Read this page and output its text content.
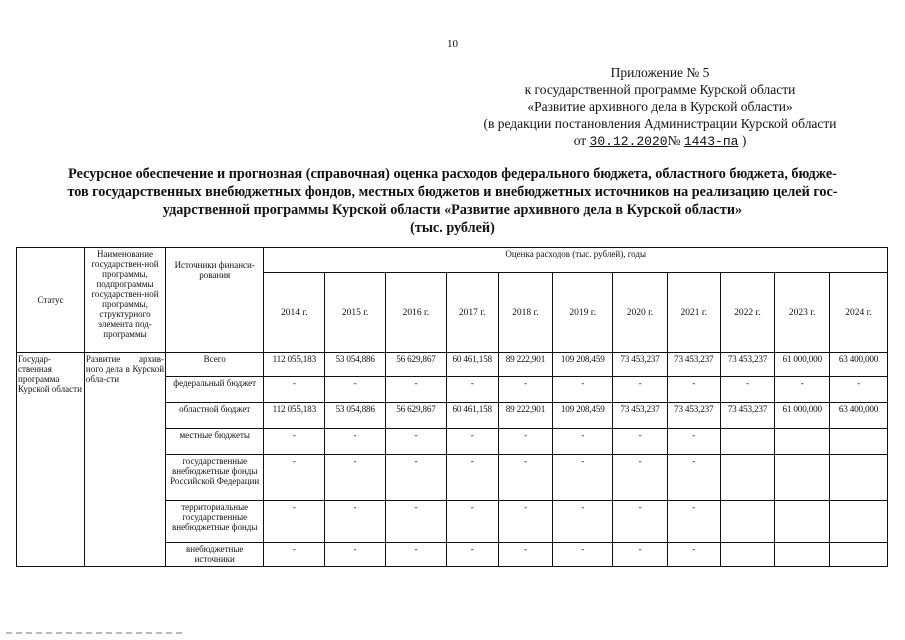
10
Приложение № 5
к государственной программе Курской области
«Развитие архивного дела в Курской области»
(в редакции постановления Администрации Курской области
от 30.12.2020№ 1443-па )
Ресурсное обеспечение и прогнозная (справочная) оценка расходов федерального бюджета, областного бюджета, бюдже-
тов государственных внебюджетных фондов, местных бюджетов и внебюджетных источников на реализацию целей гос-
ударственной программы Курской области «Развитие архивного дела в Курской области»
(тыс. рублей)
Статус	Наименование государствен-ной программы, подпрограммы государствен-ной программы, структурного элемента под-программы	Источники финанси-рования	Оценка расходов (тыс. рублей), годы										
			2014 г.	2015 г.	2016 г.	2017 г.	2018 г.	2019 г.	2020 г.	2021 г.	2022 г.	2023 г.	2024 г.
Государ-ственная программа Курской области	Развитие архив-ного дела в Курской обла-сти	Всего	112 055,183	53 054,886	56 629,867	60 461,158	89 222,901	109 208,459	73 453,237	73 453,237	73 453,237	61 000,000	63 400,000
		федеральный бюджет	-	-	-	-	-	-	-	-	-	-	-
		областной бюджет	112 055,183	53 054,886	56 629,867	60 461,158	89 222,901	109 208,459	73 453,237	73 453,237	73 453,237	61 000,000	63 400,000
		местные бюджеты	-	-	-	-	-	-	-	-			
		государственные внебюджетные фонды Российской Федерации	-	-	-	-	-	-	-	-			
		территориальные государственные внебюджетные фонды	-	-	-	-	-	-	-	-			
		внебюджетные источники	-	-	-	-	-	-	-	-			
